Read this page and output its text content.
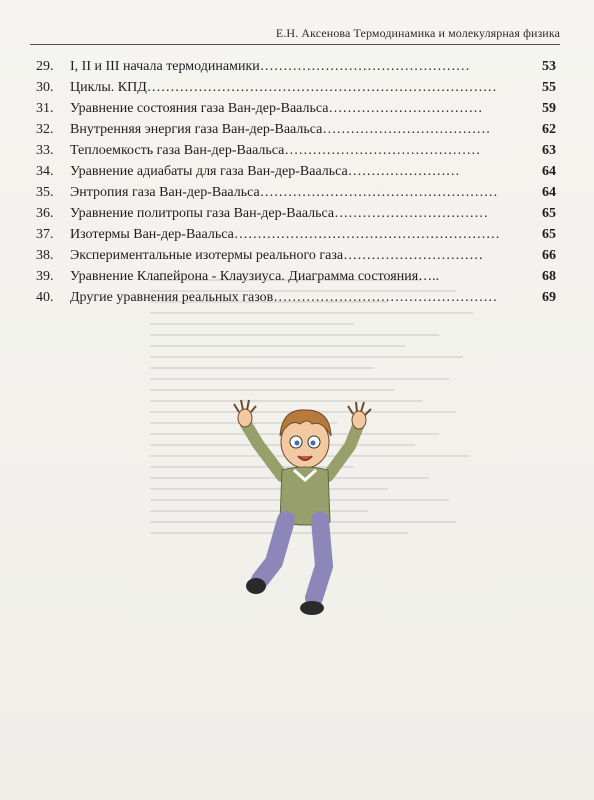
Е.Н. Аксенова Термодинамика и молекулярная физика
29.	I, II и III начала термодинамики………………………………………	53
30.	Циклы. КПД…………………………………………………………………	55
31.	Уравнение состояния газа Ван-дер-Ваальса……………………………	59
32.	Внутренняя энергия газа Ван-дер-Ваальса………………………………	62
33.	Теплоемкость газа Ван-дер-Ваальса……………………………………	63
34.	Уравнение адиабаты для газа Ван-дер-Ваальса……………………	64
35.	Энтропия газа Ван-дер-Ваальса……………………………………………	64
36.	Уравнение политропы газа Ван-дер-Ваальса……………………………	65
37.	Изотермы Ван-дер-Ваальса…………………………………………………	65
38.	Экспериментальные изотермы реального газа…………………………	66
39.	Уравнение Клапейрона - Клаузиуса. Диаграмма состояния…..	68
40.	Другие уравнения реальных газов…………………………………………	69
